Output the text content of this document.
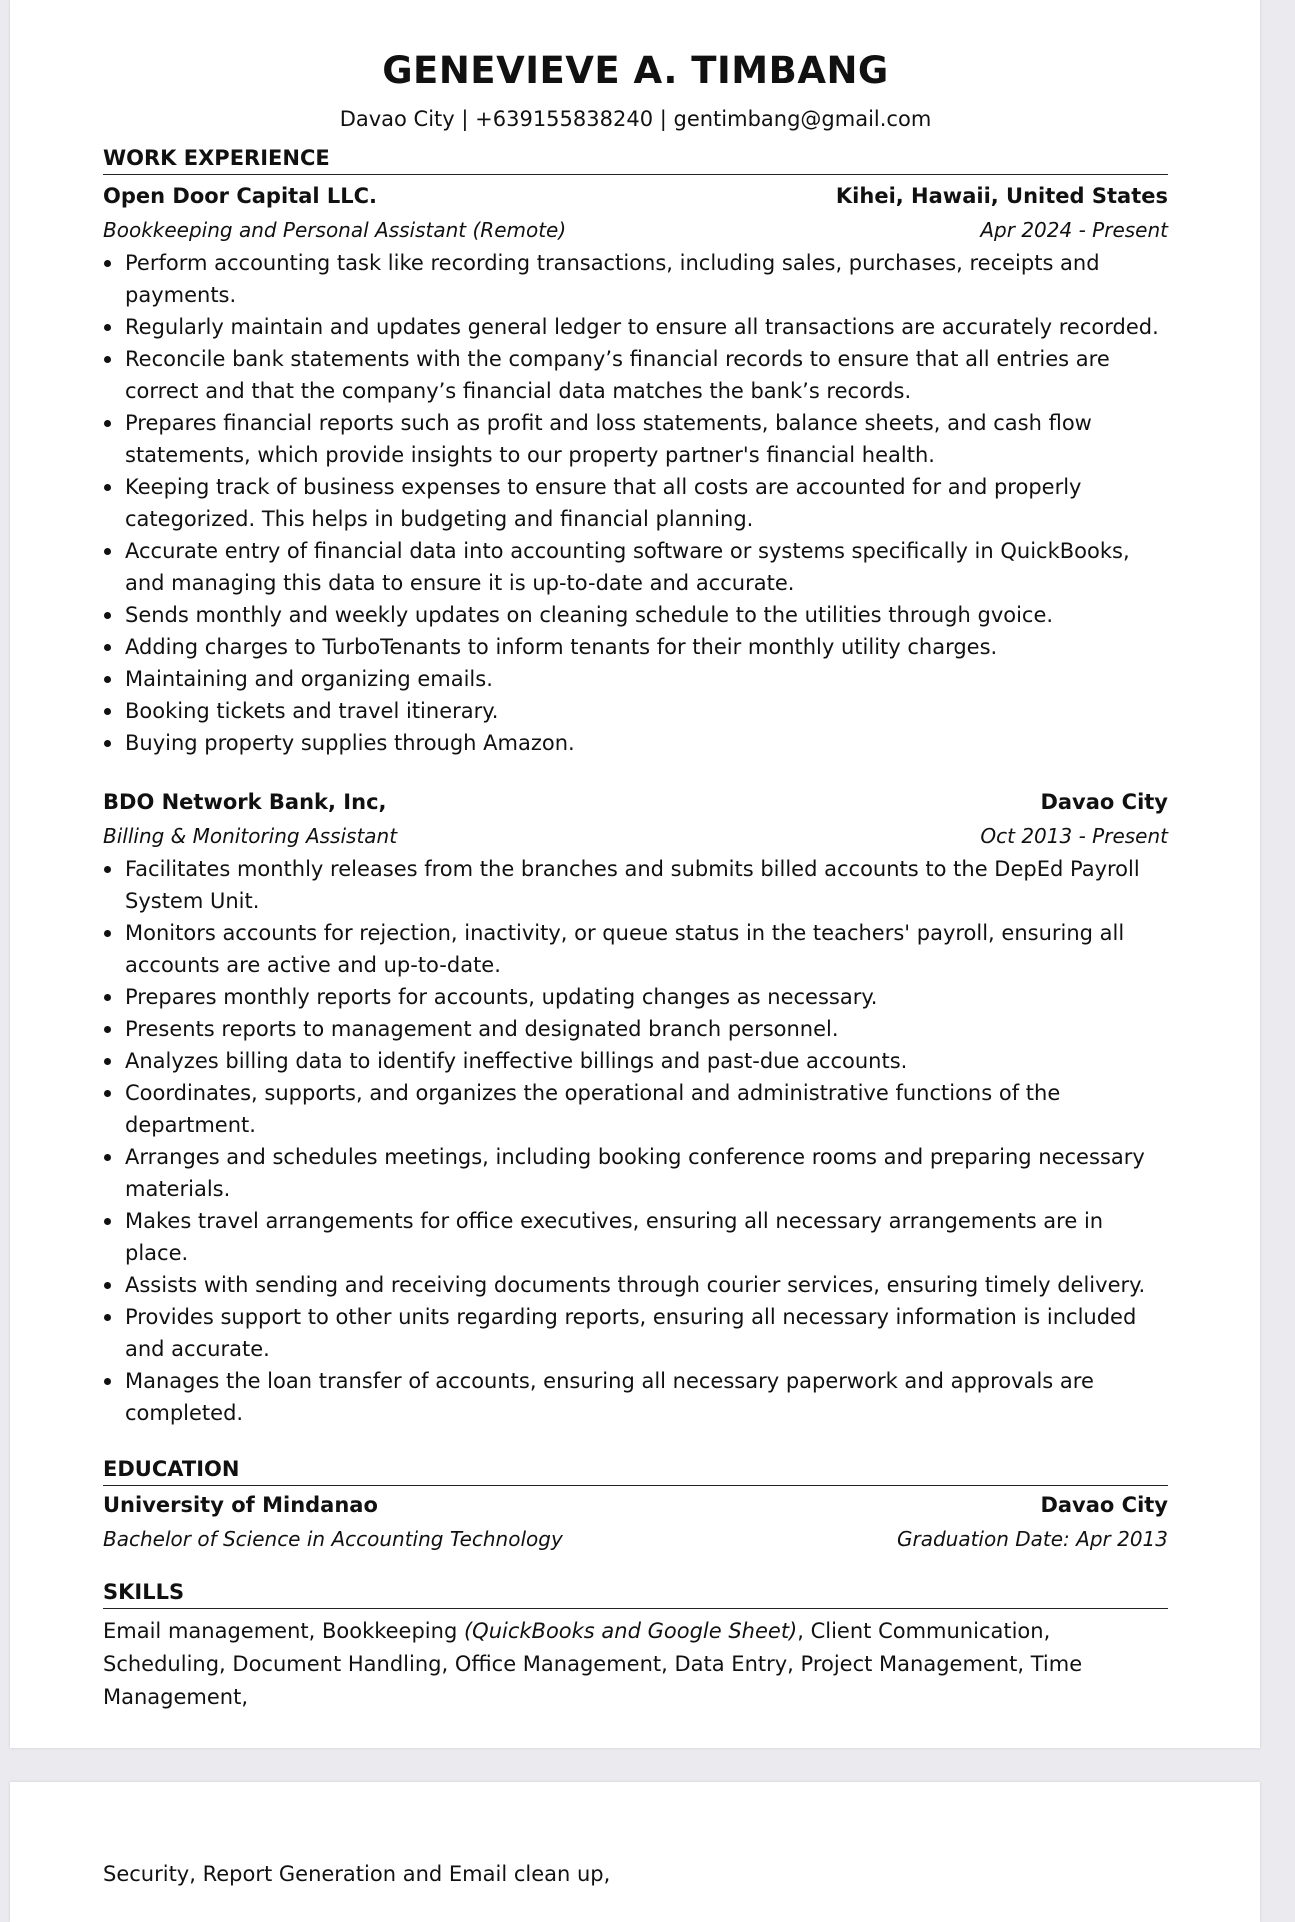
GENEVIEVE A. TIMBANG
Davao City | +639155838240 | gentimbang@gmail.com
WORK EXPERIENCE
Open Door Capital LLC.	Kihei, Hawaii, United States
Bookkeeping and Personal Assistant (Remote)	Apr 2024 - Present
Perform accounting task like recording transactions, including sales, purchases, receipts and payments.
Regularly maintain and updates general ledger to ensure all transactions are accurately recorded.
Reconcile bank statements with the company’s financial records to ensure that all entries are correct and that the company’s financial data matches the bank’s records.
Prepares financial reports such as profit and loss statements, balance sheets, and cash flow statements, which provide insights to our property partner's financial health.
Keeping track of business expenses to ensure that all costs are accounted for and properly categorized. This helps in budgeting and financial planning.
Accurate entry of financial data into accounting software or systems specifically in QuickBooks, and managing this data to ensure it is up-to-date and accurate.
Sends monthly and weekly updates on cleaning schedule to the utilities through gvoice.
Adding charges to TurboTenants to inform tenants for their monthly utility charges.
Maintaining and organizing emails.
Booking tickets and travel itinerary.
Buying property supplies through Amazon.
BDO Network Bank, Inc,	Davao City
Billing & Monitoring Assistant	Oct 2013 - Present
Facilitates monthly releases from the branches and submits billed accounts to the DepEd Payroll System Unit.
Monitors accounts for rejection, inactivity, or queue status in the teachers' payroll, ensuring all accounts are active and up-to-date.
Prepares monthly reports for accounts, updating changes as necessary.
Presents reports to management and designated branch personnel.
Analyzes billing data to identify ineffective billings and past-due accounts.
Coordinates, supports, and organizes the operational and administrative functions of the department.
Arranges and schedules meetings, including booking conference rooms and preparing necessary materials.
Makes travel arrangements for office executives, ensuring all necessary arrangements are in place.
Assists with sending and receiving documents through courier services, ensuring timely delivery.
Provides support to other units regarding reports, ensuring all necessary information is included and accurate.
Manages the loan transfer of accounts, ensuring all necessary paperwork and approvals are completed.
EDUCATION
University of Mindanao	Davao City
Bachelor of Science in Accounting Technology	Graduation Date: Apr 2013
SKILLS
Email management, Bookkeeping (QuickBooks and Google Sheet), Client Communication, Scheduling, Document Handling, Office Management, Data Entry, Project Management, Time Management,
Security, Report Generation and Email clean up,
